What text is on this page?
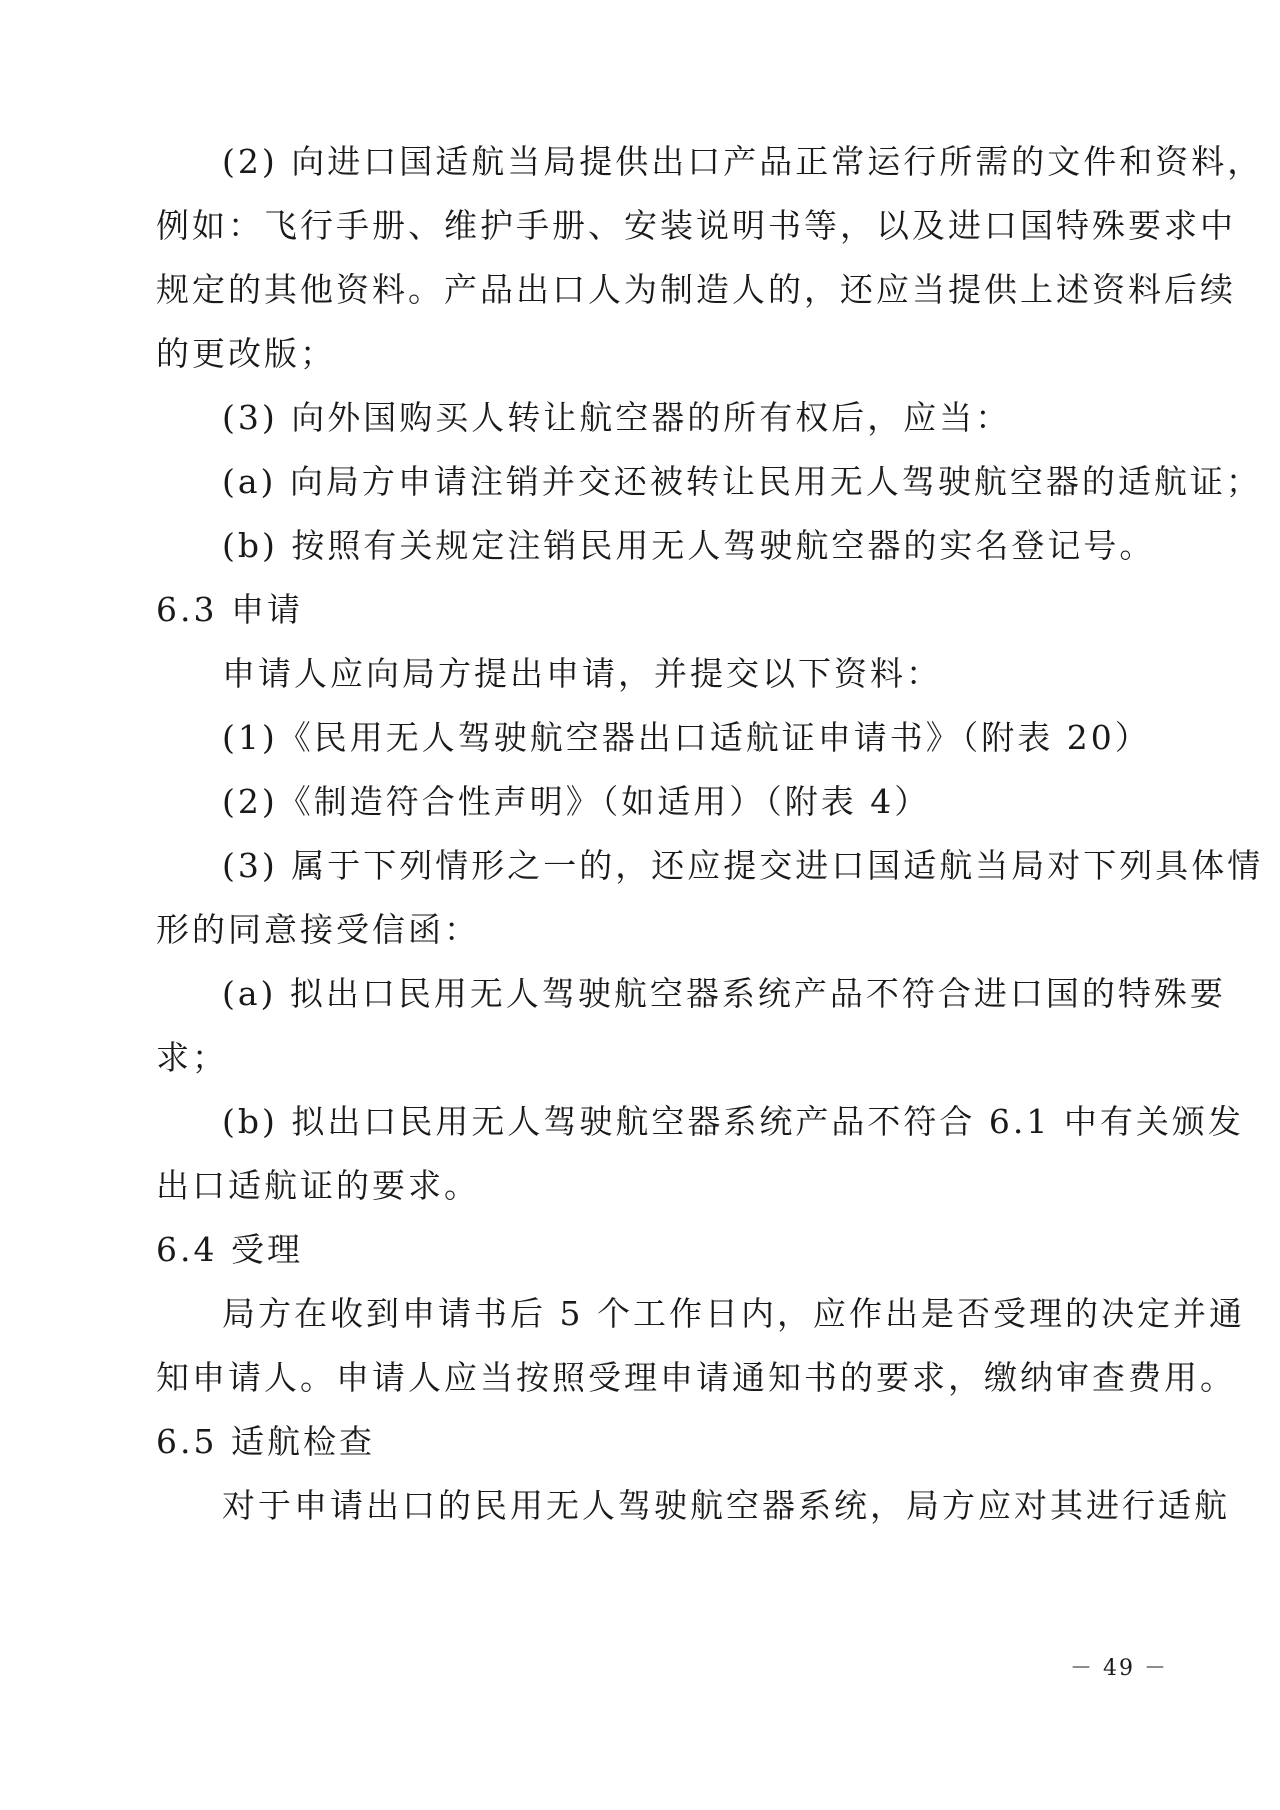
(2) 向进口国适航当局提供出口产品正常运行所需的文件和资料，
例如：飞行手册、维护手册、安装说明书等，以及进口国特殊要求中
规定的其他资料。产品出口人为制造人的，还应当提供上述资料后续
的更改版；
(3) 向外国购买人转让航空器的所有权后，应当：
(a) 向局方申请注销并交还被转让民用无人驾驶航空器的适航证；
(b) 按照有关规定注销民用无人驾驶航空器的实名登记号。
6.3 申请
申请人应向局方提出申请，并提交以下资料：
(1)《民用无人驾驶航空器出口适航证申请书》（附表 20）
(2)《制造符合性声明》（如适用）（附表 4）
(3) 属于下列情形之一的，还应提交进口国适航当局对下列具体情
形的同意接受信函：
(a) 拟出口民用无人驾驶航空器系统产品不符合进口国的特殊要
求；
(b) 拟出口民用无人驾驶航空器系统产品不符合 6.1 中有关颁发
出口适航证的要求。
6.4 受理
局方在收到申请书后 5 个工作日内，应作出是否受理的决定并通
知申请人。申请人应当按照受理申请通知书的要求，缴纳审查费用。
6.5 适航检查
对于申请出口的民用无人驾驶航空器系统，局方应对其进行适航
－ 49 －
